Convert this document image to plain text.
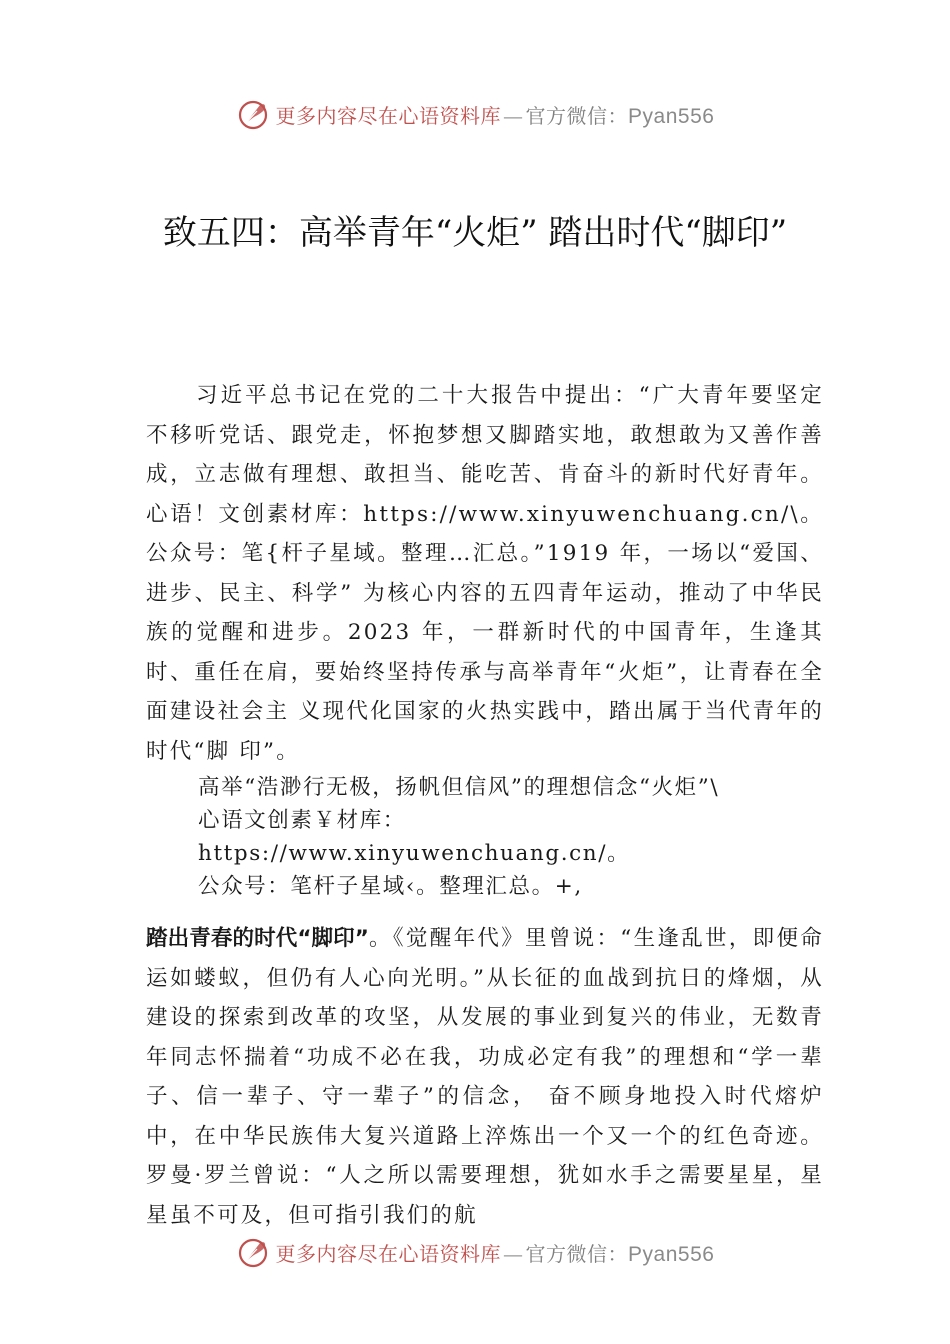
更多内容尽在心语资料库 — 官方微信：Pyan556
致五四：高举青年“火炬” 踏出时代“脚印”

习近平总书记在党的二十大报告中提出：“广大青年要坚定不移听党话、跟党走，怀抱梦想又脚踏实地，敢想敢为又善作善成，立志做有理想、敢担当、能吃苦、肯奋斗的新时代好青年。心语！文创素材库：https://www.xinyuwenchuang.cn/\。公众号：笔{杆子星域。整理…汇总。”1919 年，一场以“爱国、进步、民主、科学” 为核心内容的五四青年运动，推动了中华民族的觉醒和进步。2023 年，一群新时代的中国青年，生逢其时、重任在肩，要始终坚持传承与高举青年“火炬”，让青春在全面建设社会主 义现代化国家的火热实践中，踏出属于当代青年的时代“脚 印”。

高举“浩渺行无极，扬帆但信风”的理想信念“火炬”\

心语文创素￥材库：https://www.xinyuwenchuang.cn/。

公众号：笔杆子星域‹。整理汇总。+,

踏出青春的时代“脚印”。《觉醒年代》里曾说：“生逢乱世，即便命运如蝼蚁，但仍有人心向光明。”从长征的血战到抗日的烽烟，从建设的探索到改革的攻坚，从发展的事业到复兴的伟业，无数青年同志怀揣着“功成不必在我，功成必定有我”的理想和“学一辈子、信一辈子、守一辈子”的信念， 奋不顾身地投入时代熔炉中，在中华民族伟大复兴道路上淬炼出一个又一个的红色奇迹。罗曼·罗兰曾说：“人之所以需要理想，犹如水手之需要星星，星星虽不可及，但可指引我们的航

更多内容尽在心语资料库 — 官方微信：Pyan556
